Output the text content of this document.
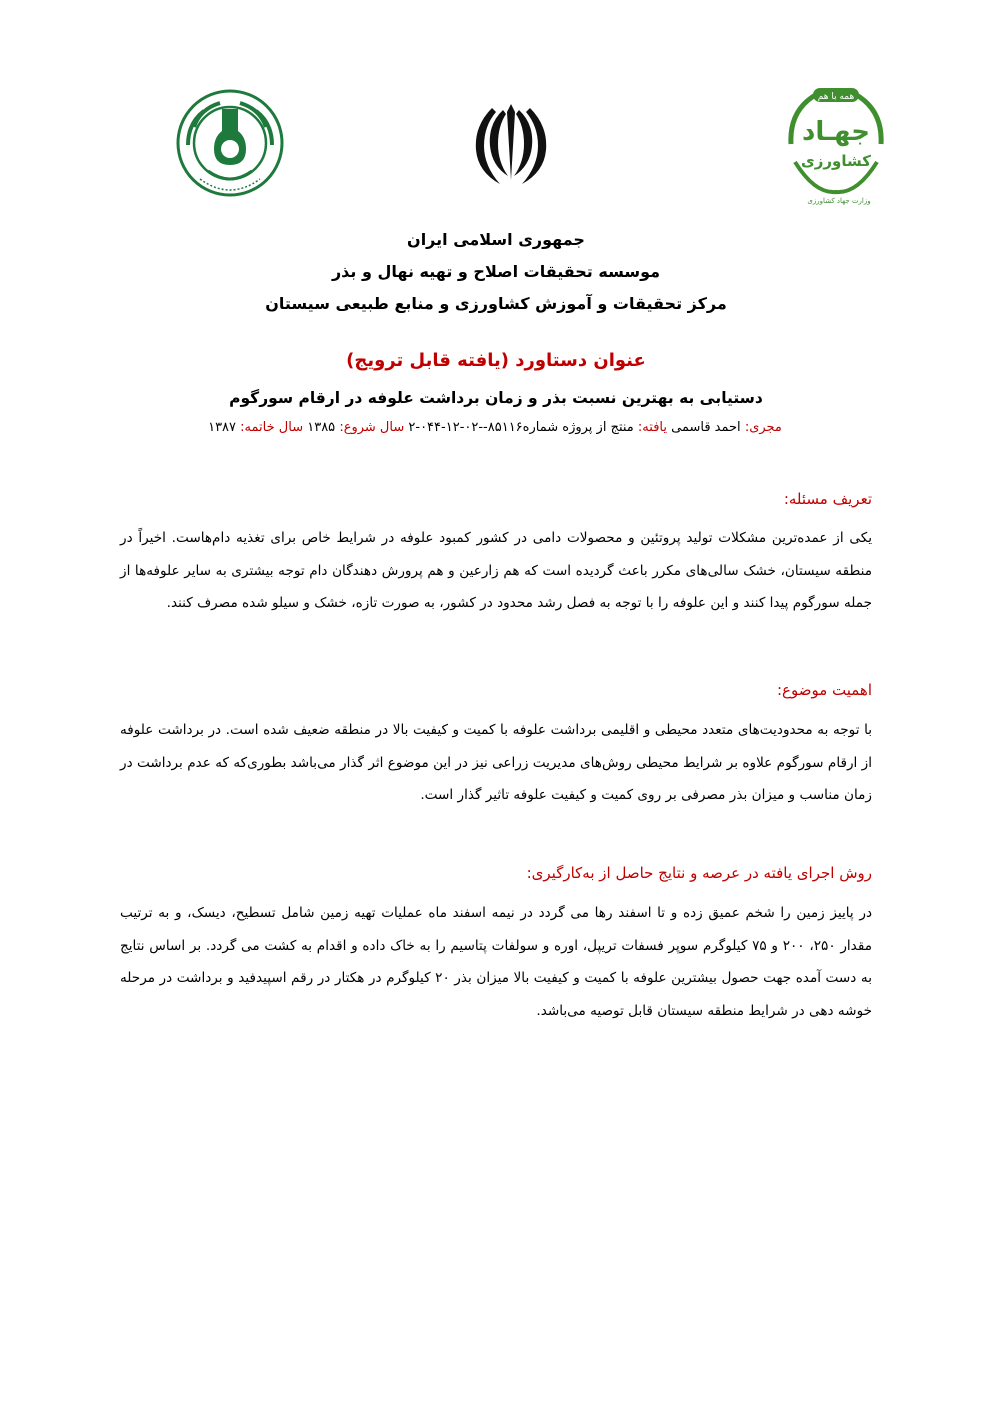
همه با هم
جهـاد
کشاورزی
وزارت جهاد کشاورزی
جمهوری اسلامی ایران
موسسه تحقیقات اصلاح و تهیه نهال و بذر
مرکز تحقیقات و آموزش کشاورزی و منابع طبیعی سیستان
عنوان دستاورد (یافته قابل ترویج)
دستیابی به بهترین نسبت بذر و زمان برداشت علوفه در ارقام سورگوم
مجری: احمد قاسمی یافته: منتج از پروژه شماره۸۵۱۱۶--۰۲-۱۲-۰۴۴-۲ سال شروع: ۱۳۸۵ سال خاتمه: ۱۳۸۷
تعریف مسئله:
یکی از عمده‌ترین مشکلات تولید پروتئین و محصولات دامی در کشور کمبود علوفه در شرایط خاص برای تغذیه دام‌هاست. اخیراً در منطقه سیستان، خشک سالی‌های مکرر باعث گردیده است که هم زارعین و هم پرورش دهندگان دام توجه بیشتری به سایر علوفه‌ها از جمله سورگوم پیدا کنند و این علوفه را با توجه به فصل رشد محدود در کشور، به صورت تازه، خشک و سیلو شده مصرف کنند.
اهمیت موضوع:
با توجه به محدودیت‌های متعدد محیطی و اقلیمی برداشت علوفه با کمیت و کیفیت بالا در منطقه ضعیف شده است. در برداشت علوفه از ارقام سورگوم علاوه بر شرایط محیطی روش‌های مدیریت زراعی نیز در این موضوع اثر گذار می‌باشد بطوری‌که که عدم برداشت در زمان مناسب و میزان بذر مصرفی بر روی کمیت و کیفیت علوفه تاثیر گذار است.
روش اجرای یافته در عرصه و نتایج حاصل از به‌کارگیری:
در پاییز زمین را شخم عمیق زده و تا اسفند رها می گردد در نیمه اسفند ماه عملیات تهیه زمین شامل تسطیح، دیسک، و به ترتیب مقدار ۲۵۰، ۲۰۰ و ۷۵ کیلوگرم سوپر فسفات تریپل، اوره و سولفات پتاسیم را به خاک داده و اقدام به کشت می گردد. بر اساس نتایج به دست آمده جهت حصول بیشترین علوفه با کمیت و کیفیت بالا میزان بذر ۲۰ کیلوگرم در هکتار در رقم اسپیدفید و برداشت در مرحله خوشه دهی در شرایط منطقه سیستان قابل توصیه می‌باشد.
